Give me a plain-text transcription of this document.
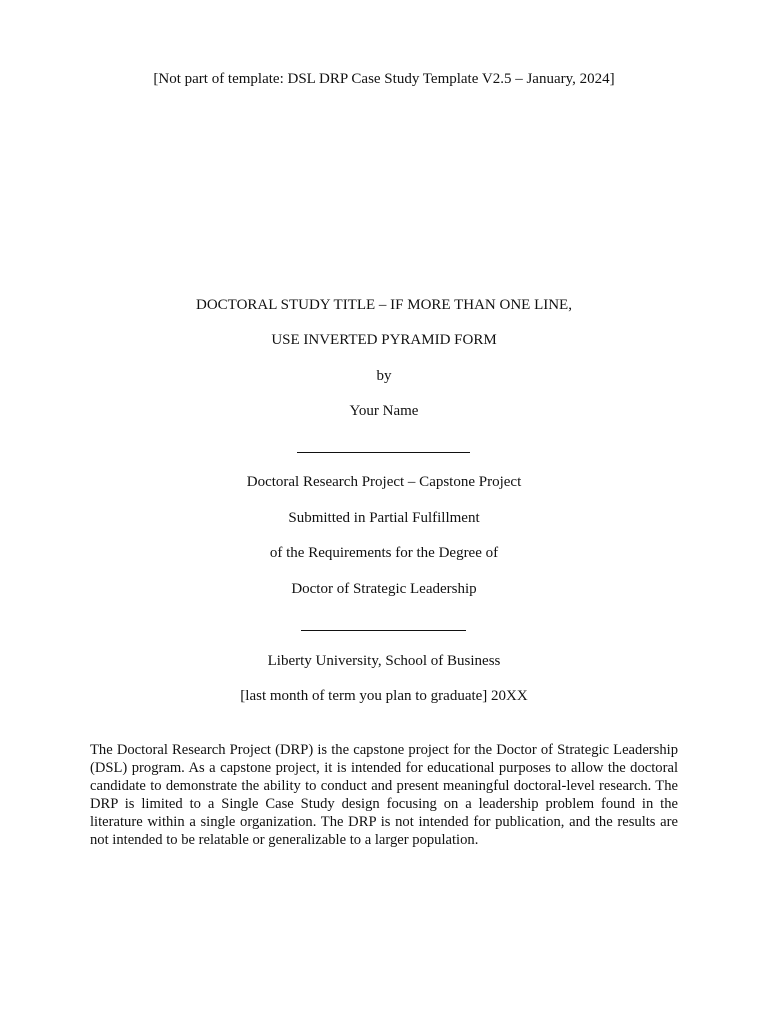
[Not part of template: DSL DRP Case Study Template V2.5 – January, 2024]
DOCTORAL STUDY TITLE – IF MORE THAN ONE LINE,
USE INVERTED PYRAMID FORM
by
Your Name
Doctoral Research Project – Capstone Project
Submitted in Partial Fulfillment
of the Requirements for the Degree of
Doctor of Strategic Leadership
Liberty University, School of Business
[last month of term you plan to graduate] 20XX
The Doctoral Research Project (DRP) is the capstone project for the Doctor of Strategic Leadership (DSL) program. As a capstone project, it is intended for educational purposes to allow the doctoral candidate to demonstrate the ability to conduct and present meaningful doctoral-level research. The DRP is limited to a Single Case Study design focusing on a leadership problem found in the literature within a single organization. The DRP is not intended for publication, and the results are not intended to be relatable or generalizable to a larger population.
